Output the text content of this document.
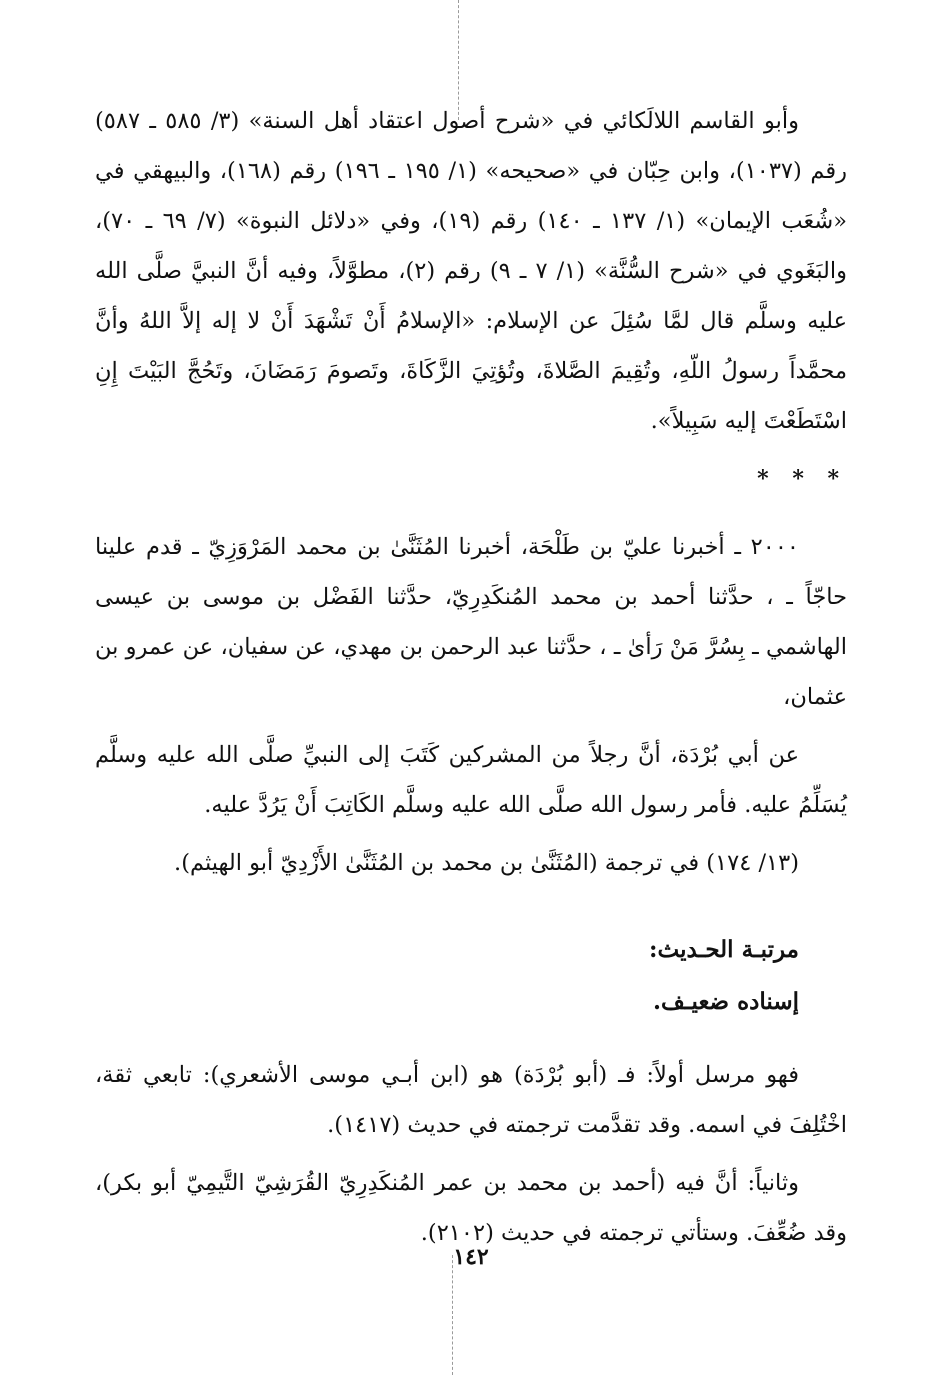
وأبو القاسم اللالَكائي في «شرح أصول اعتقاد أهل السنة» (٣/ ٥٨٥ ـ ٥٨٧) رقم (١٠٣٧)، وابن حِبّان في «صحيحه» (١/ ١٩٥ ـ ١٩٦) رقم (١٦٨)، والبيهقي في «شُعَب الإيمان» (١/ ١٣٧ ـ ١٤٠) رقم (١٩)، وفي «دلائل النبوة» (٧/ ٦٩ ـ ٧٠)، والبَغَوي في «شرح السُّنَّة» (١/ ٧ ـ ٩) رقم (٢)، مطوَّلاً، وفيه أنَّ النبيَّ صلَّى الله عليه وسلَّم قال لمَّا سُئِلَ عن الإسلام: «الإسلامُ أَنْ تَشْهَدَ أَنْ لا إله إلاَّ اللهُ وأنَّ محمَّداً رسولُ اللّهِ، وتُقِيمَ الصَّلاةَ، وتُؤتِيَ الزَّكَاةَ، وتَصومَ رَمَضَانَ، وتَحُجَّ البَيْتَ إِنِ اسْتَطَعْتَ إليه سَبِيلاً».

* * *

٢٠٠٠ ـ أخبرنا عليّ بن طَلْحَة، أخبرنا المُثَنَّىٰ بن محمد المَرْوَزِيّ ـ قدم علينا حاجّاً ـ ، حدَّثنا أحمد بن محمد المُنكَدِرِيّ، حدَّثنا الفَضْل بن موسى بن عيسى الهاشمي ـ بِسُرَّ مَنْ رَأىٰ ـ ، حدَّثنا عبد الرحمن بن مهدي، عن سفيان، عن عمرو بن عثمان،

عن أبي بُرْدَة، أنَّ رجلاً من المشركين كَتَبَ إلى النبيِّ صلَّى الله عليه وسلَّم يُسَلِّمُ عليه. فأمر رسول الله صلَّى الله عليه وسلَّم الكَاتِبَ أَنْ يَرُدَّ عليه.

(١٣/ ١٧٤) في ترجمة (المُثَنَّىٰ بن محمد بن المُثَنَّىٰ الأَزْدِيّ أبو الهيثم).

مرتبـة الحـديث:

إسناده ضعيـف.

فهو مرسل أولاً: فـ (أبو بُرْدَة) هو (ابن أبـي موسى الأشعري): تابعي ثقة، اخْتُلِفَ في اسمه. وقد تقدَّمت ترجمته في حديث (١٤١٧).

وثانياً: أنَّ فيه (أحمد بن محمد بن عمر المُنكَدِرِيّ القُرَشِيّ التَّيمِيّ أبو بكر)، وقد ضُعِّفَ. وستأتي ترجمته في حديث (٢١٠٢).

١٤٢
